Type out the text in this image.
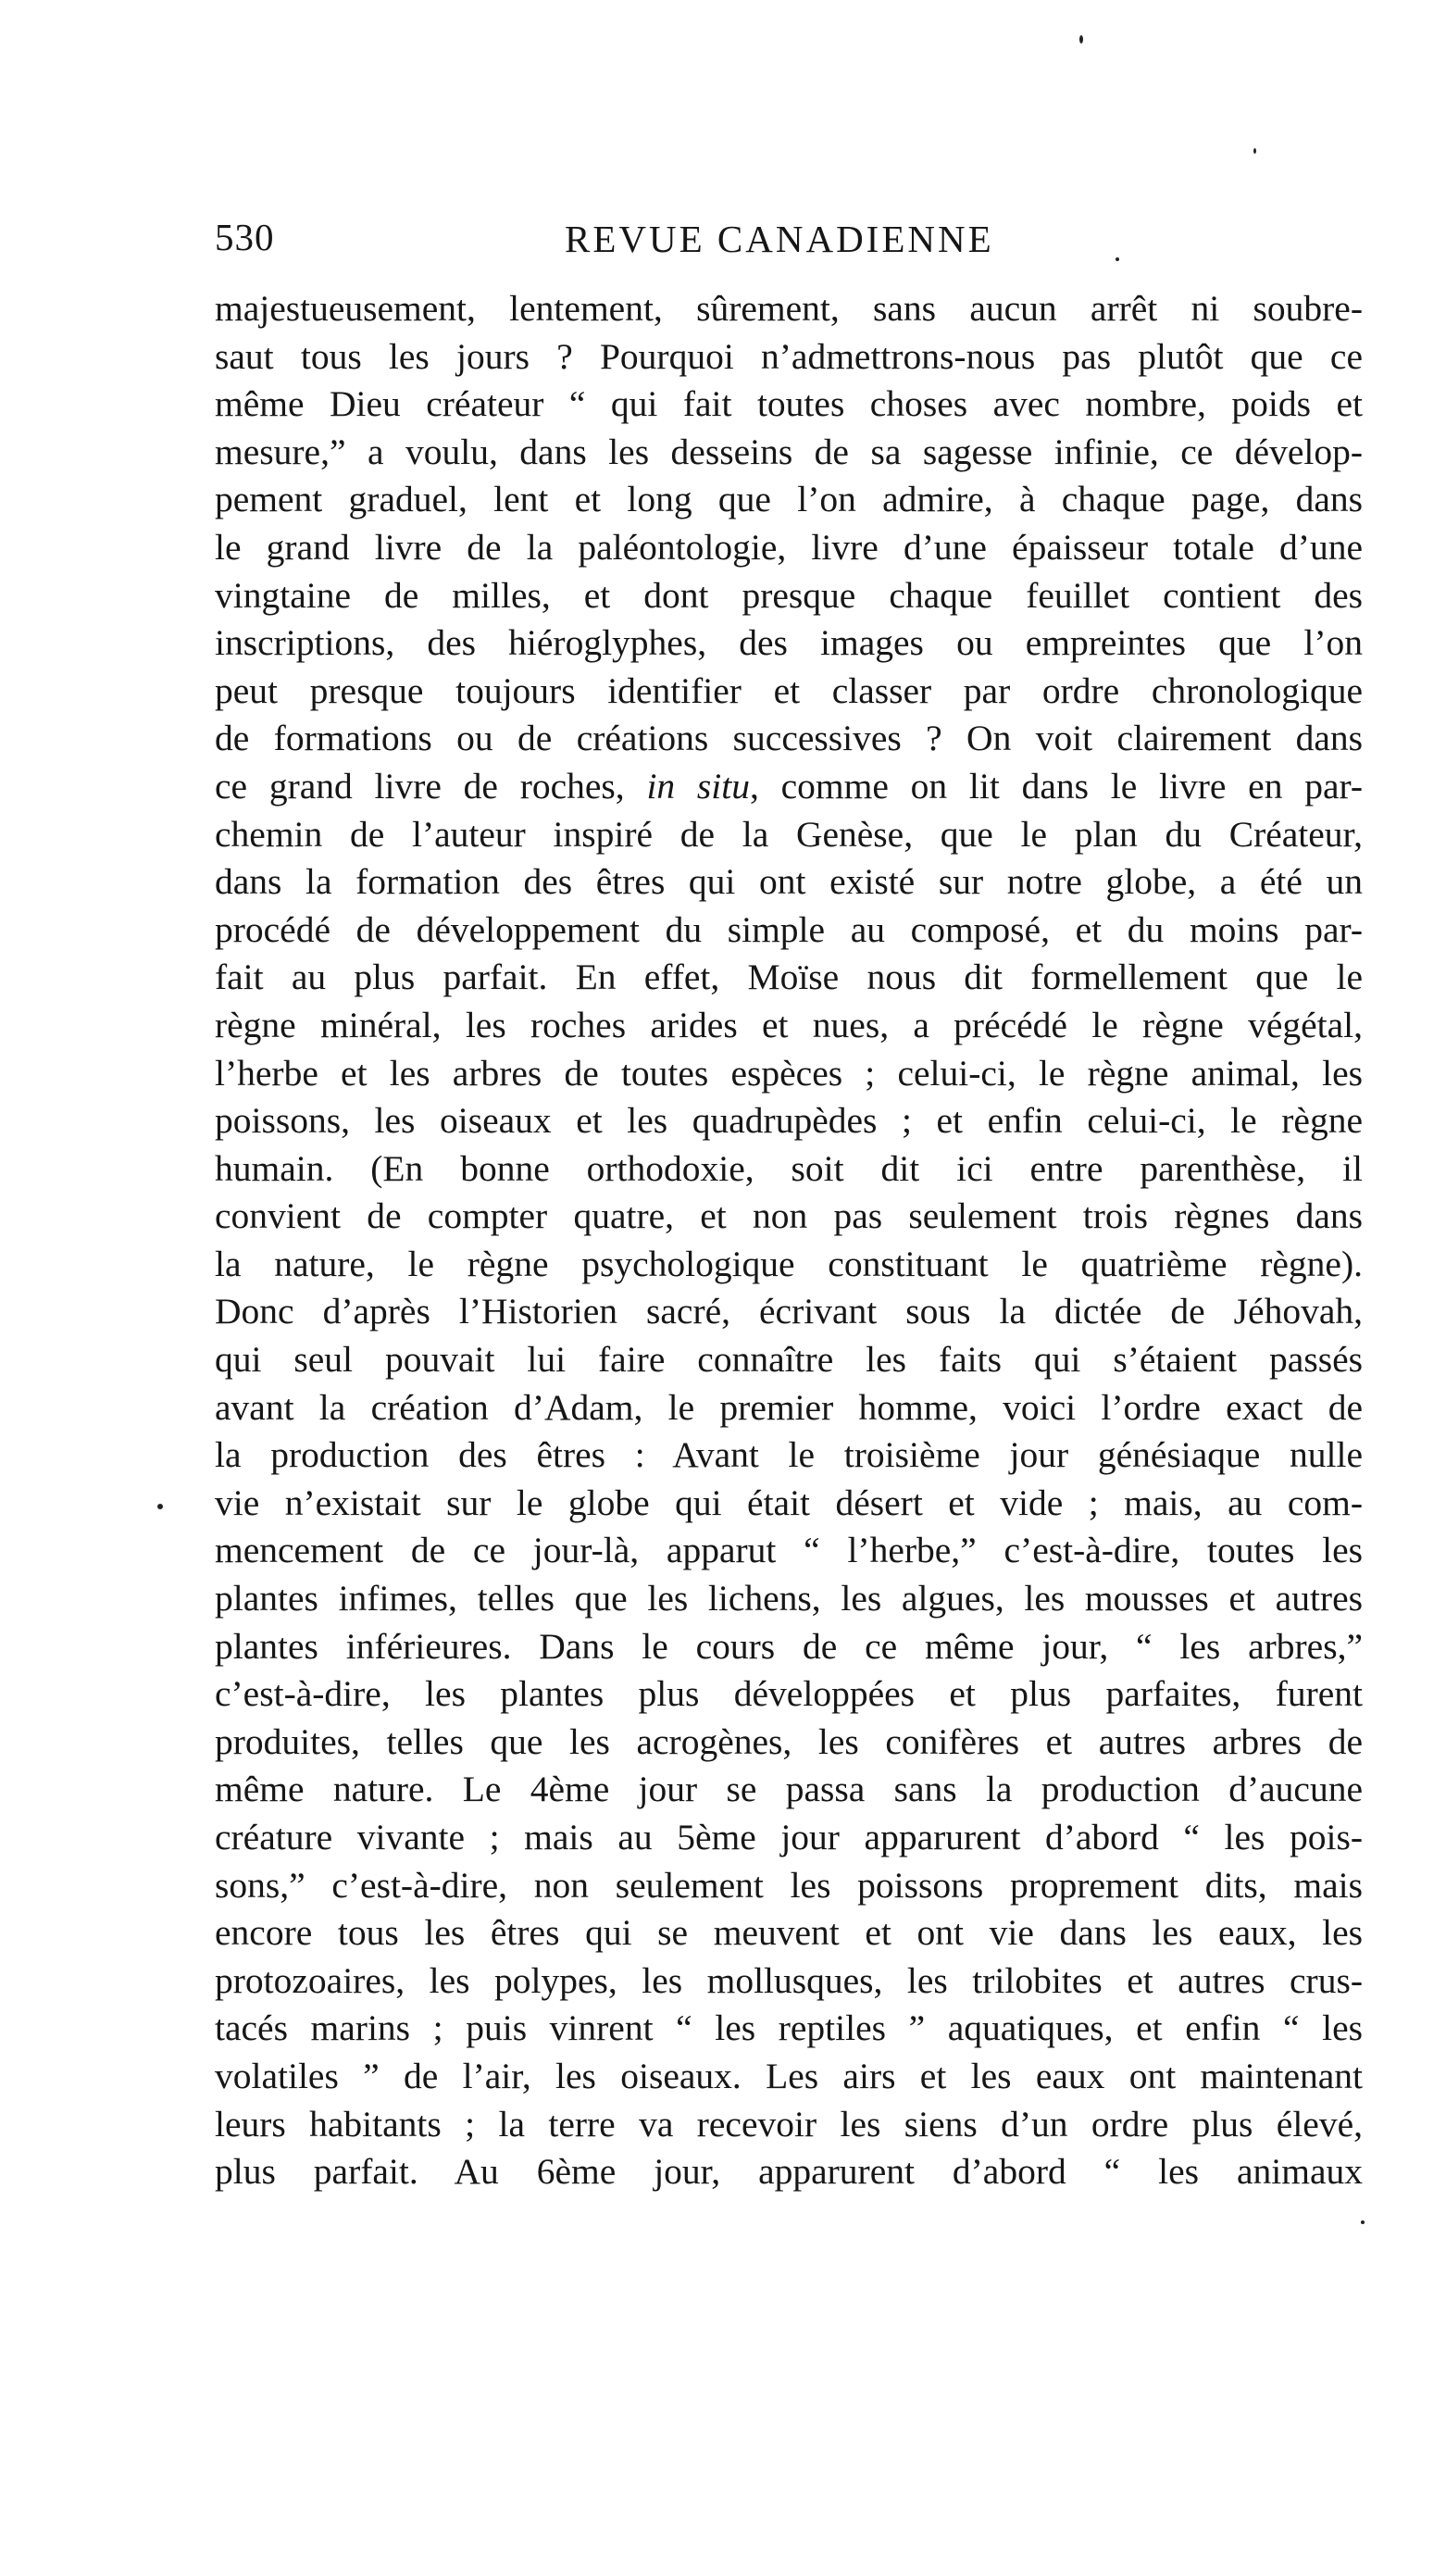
530	REVUE CANADIENNE
majestueusement, lentement, sûrement, sans aucun arrêt ni soubre-
saut tous les jours ? Pourquoi n’admettrons-nous pas plutôt que ce
même Dieu créateur “ qui fait toutes choses avec nombre, poids et
mesure,” a voulu, dans les desseins de sa sagesse infinie, ce dévelop-
pement graduel, lent et long que l’on admire, à chaque page, dans
le grand livre de la paléontologie, livre d’une épaisseur totale d’une
vingtaine de milles, et dont presque chaque feuillet contient des
inscriptions, des hiéroglyphes, des images ou empreintes que l’on
peut presque toujours identifier et classer par ordre chronologique
de formations ou de créations successives ? On voit clairement dans
ce grand livre de roches, in situ, comme on lit dans le livre en par-
chemin de l’auteur inspiré de la Genèse, que le plan du Créateur,
dans la formation des êtres qui ont existé sur notre globe, a été un
procédé de développement du simple au composé, et du moins par-
fait au plus parfait. En effet, Moïse nous dit formellement que le
règne minéral, les roches arides et nues, a précédé le règne végétal,
l’herbe et les arbres de toutes espèces ; celui-ci, le règne animal, les
poissons, les oiseaux et les quadrupèdes ; et enfin celui-ci, le règne
humain. (En bonne orthodoxie, soit dit ici entre parenthèse, il
convient de compter quatre, et non pas seulement trois règnes dans
la nature, le règne psychologique constituant le quatrième règne).
Donc d’après l’Historien sacré, écrivant sous la dictée de Jéhovah,
qui seul pouvait lui faire connaître les faits qui s’étaient passés
avant la création d’Adam, le premier homme, voici l’ordre exact de
la production des êtres : Avant le troisième jour génésiaque nulle
vie n’existait sur le globe qui était désert et vide ; mais, au com-
mencement de ce jour-là, apparut “ l’herbe,” c’est-à-dire, toutes les
plantes infimes, telles que les lichens, les algues, les mousses et autres
plantes inférieures. Dans le cours de ce même jour, “ les arbres,”
c’est-à-dire, les plantes plus développées et plus parfaites, furent
produites, telles que les acrogènes, les conifères et autres arbres de
même nature. Le 4ème jour se passa sans la production d’aucune
créature vivante ; mais au 5ème jour apparurent d’abord “ les pois-
sons,” c’est-à-dire, non seulement les poissons proprement dits, mais
encore tous les êtres qui se meuvent et ont vie dans les eaux, les
protozoaires, les polypes, les mollusques, les trilobites et autres crus-
tacés marins ; puis vinrent “ les reptiles ” aquatiques, et enfin “ les
volatiles ” de l’air, les oiseaux. Les airs et les eaux ont maintenant
leurs habitants ; la terre va recevoir les siens d’un ordre plus élevé,
plus parfait. Au 6ème jour, apparurent d’abord “ les animaux
